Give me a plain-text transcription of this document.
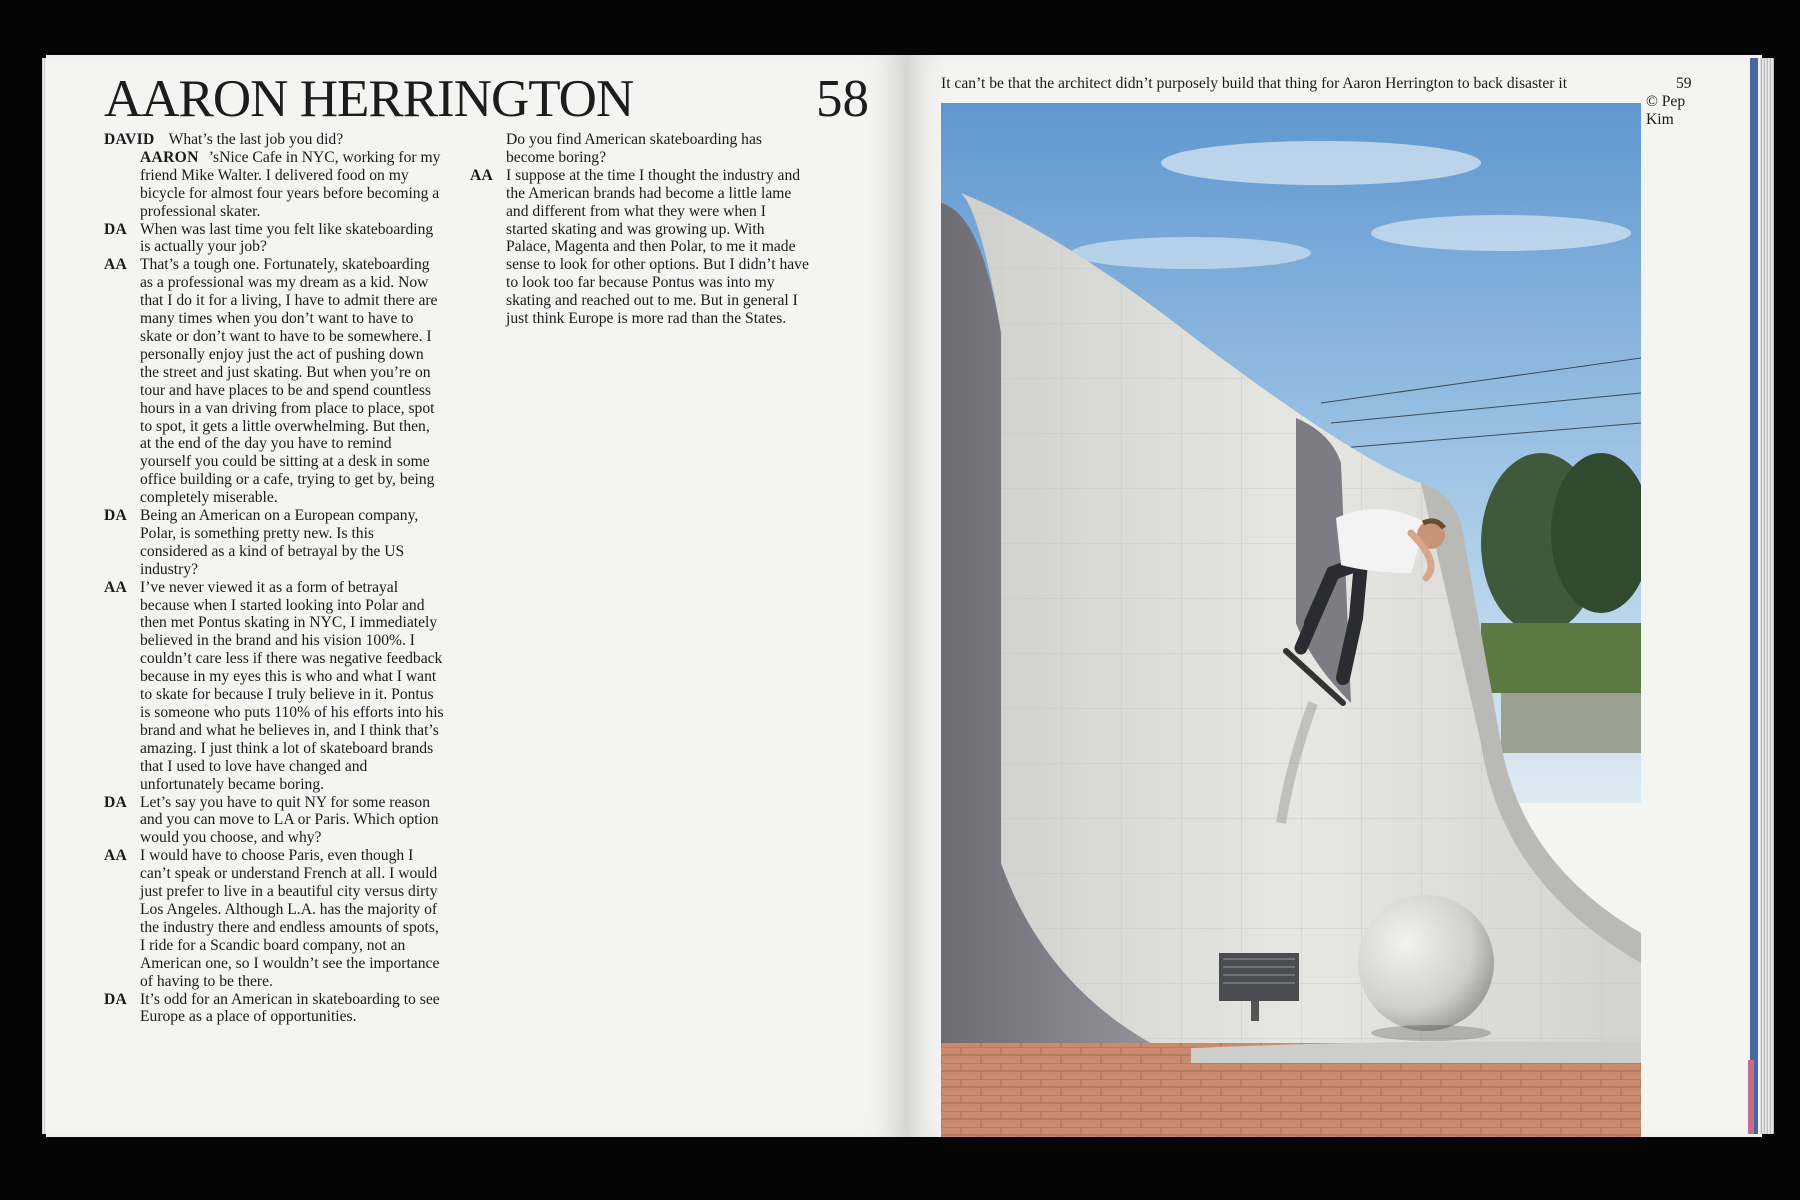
AARON HERRINGTON	58
DAVID What’s the last job you did?
AARON ’sNice Cafe in NYC, working for my friend Mike Walter. I delivered food on my bicycle for almost four years before becoming a professional skater.
DA When was last time you felt like skateboarding is actually your job?
AA That’s a tough one. Fortunately, skateboarding as a professional was my dream as a kid. Now that I do it for a living, I have to admit there are many times when you don’t want to have to skate or don’t want to have to be somewhere. I personally enjoy just the act of pushing down the street and just skating. But when you’re on tour and have places to be and spend countless hours in a van driving from place to place, spot to spot, it gets a little overwhelming. But then, at the end of the day you have to remind yourself you could be sitting at a desk in some office building or a cafe, trying to get by, being completely miserable.
DA Being an American on a European company, Polar, is something pretty new. Is this considered as a kind of betrayal by the US industry?
AA I’ve never viewed it as a form of betrayal because when I started looking into Polar and then met Pontus skating in NYC, I immediately believed in the brand and his vision 100%. I couldn’t care less if there was negative feedback because in my eyes this is who and what I want to skate for because I truly believe in it. Pontus is someone who puts 110% of his efforts into his brand and what he believes in, and I think that’s amazing. I just think a lot of skateboard brands that I used to love have changed and unfortunately became boring.
DA Let’s say you have to quit NY for some reason and you can move to LA or Paris. Which option would you choose, and why?
AA I would have to choose Paris, even though I can’t speak or understand French at all. I would just prefer to live in a beautiful city versus dirty Los Angeles. Although L.A. has the majority of the industry there and endless amounts of spots, I ride for a Scandic board company, not an American one, so I wouldn’t see the importance of having to be there.
DA It’s odd for an American in skateboarding to see Europe as a place of opportunities.
Do you find American skateboarding has become boring?
AA I suppose at the time I thought the industry and the American brands had become a little lame and different from what they were when I started skating and was growing up. With Palace, Magenta and then Polar, to me it made sense to look for other options. But I didn’t have to look too far because Pontus was into my skating and reached out to me. But in general I just think Europe is more rad than the States.
It can’t be that the architect didn’t purposely build that thing for Aaron Herrington to back disaster it	59
© Pep Kim
